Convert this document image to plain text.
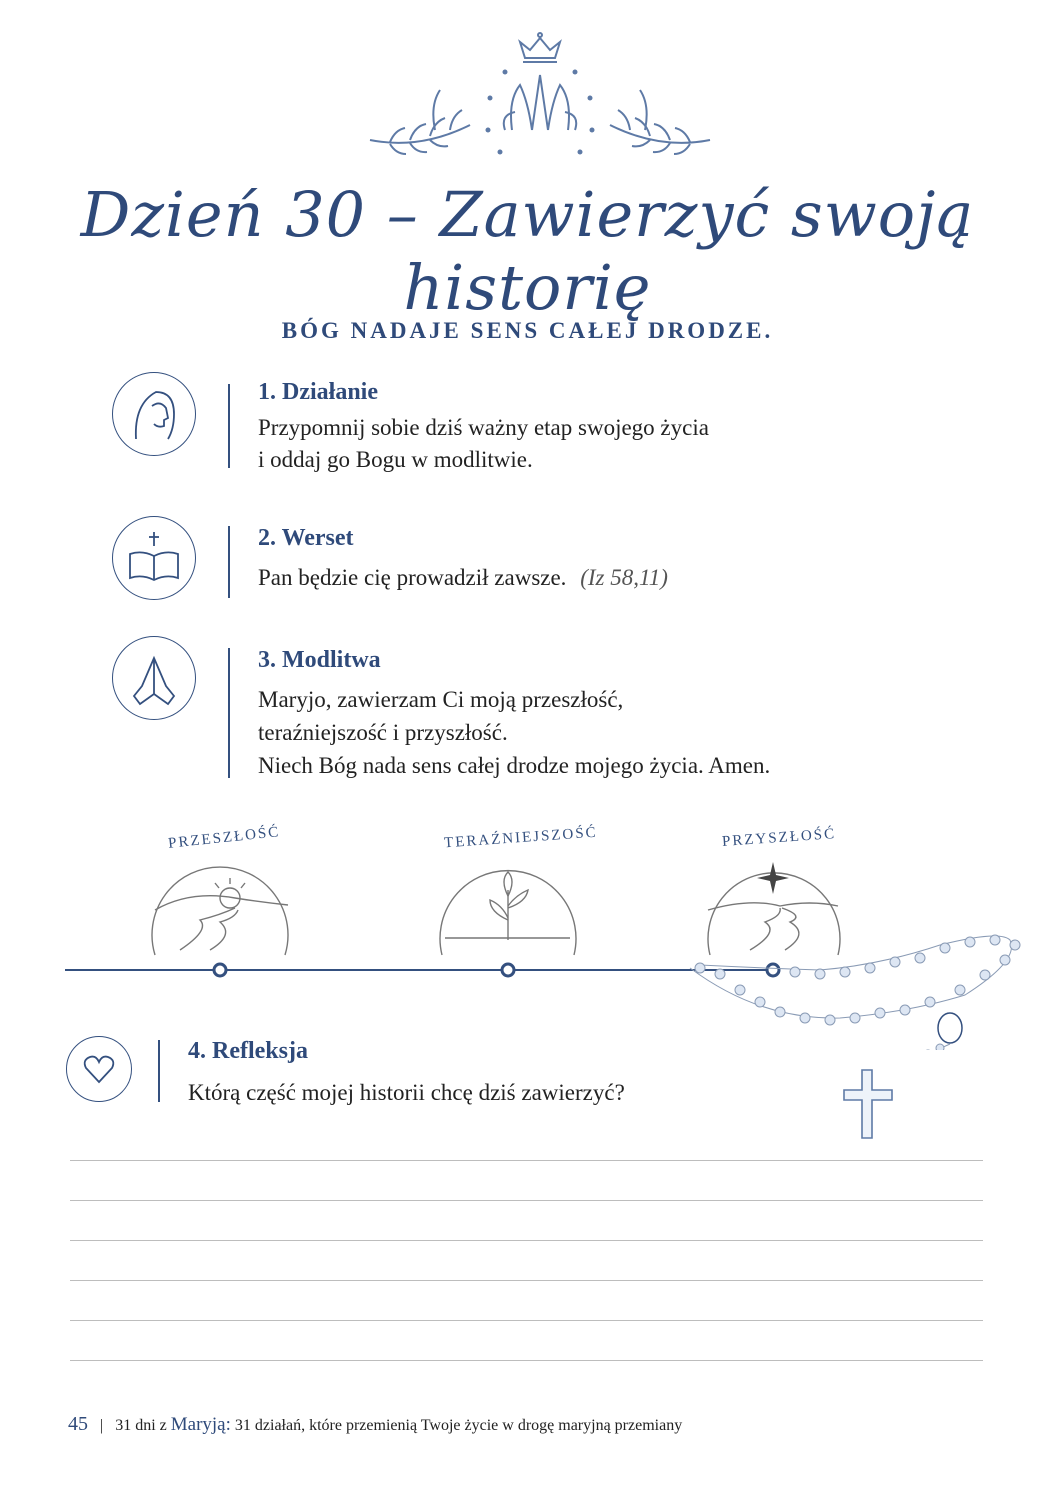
Dzień 30 – Zawierzyć swoją historię
BÓG NADAJE SENS CAŁEJ DRODZE.
1. Działanie
Przypomnij sobie dziś ważny etap swojego życia
i oddaj go Bogu w modlitwie.
2. Werset
Pan będzie cię prowadził zawsze. (Iz 58,11)
3. Modlitwa
Maryjo, zawierzam Ci moją przeszłość,
teraźniejszość i przyszłość.
Niech Bóg nada sens całej drodze mojego życia. Amen.
PRZESZŁOŚĆ	TERAŹNIEJSZOŚĆ	PRZYSZŁOŚĆ
4. Refleksja
Którą część mojej historii chcę dziś zawierzyć?
45 | 31 dni z Maryją: 31 działań, które przemienią Twoje życie w drogę maryjną przemiany
